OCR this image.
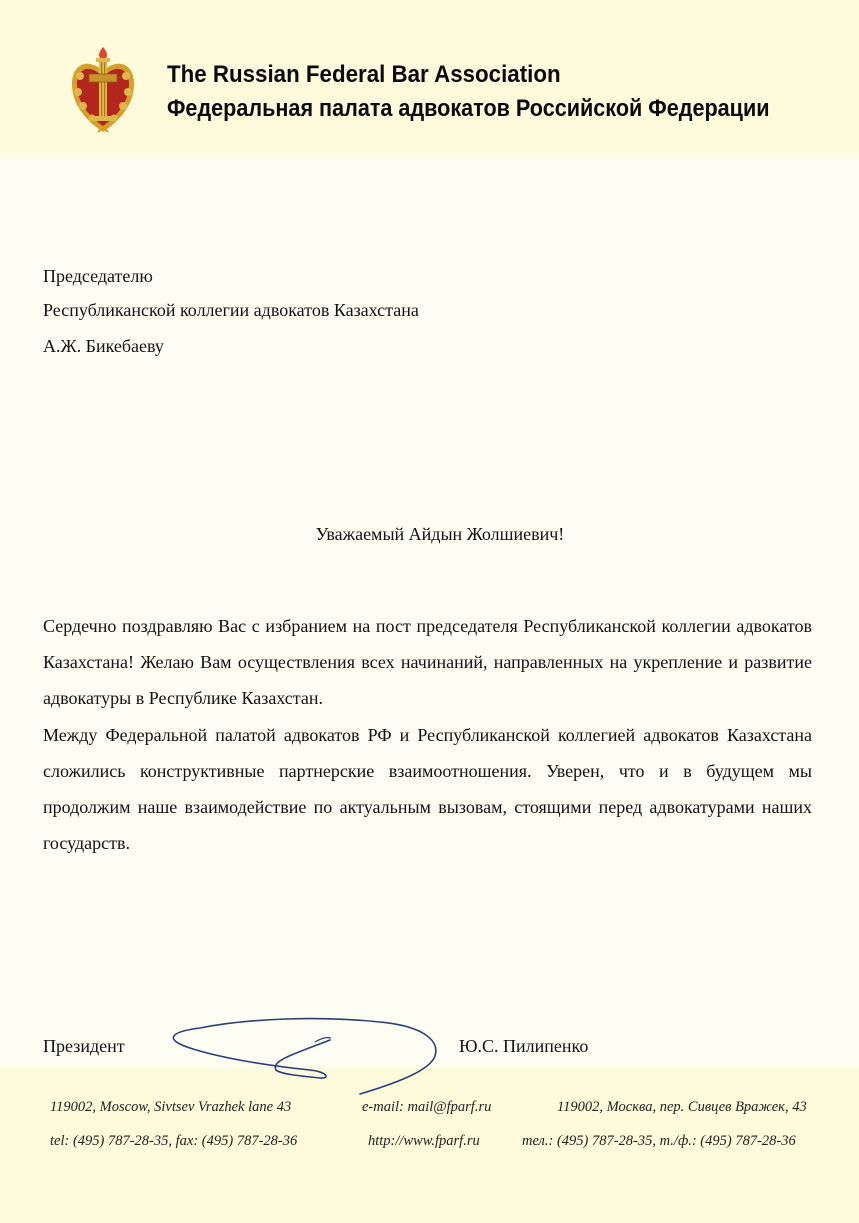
The Russian Federal Bar Association
Федеральная палата адвокатов Российской Федерации
Председателю
Республиканской коллегии адвокатов Казахстана
А.Ж. Бикебаеву
Уважаемый Айдын Жолшиевич!

Сердечно поздравляю Вас с избранием на пост председателя Республиканской коллегии адвокатов Казахстана! Желаю Вам осуществления всех начинаний, направленных на укрепление и развитие адвокатуры в Республике Казахстан.

Между Федеральной палатой адвокатов РФ и Республиканской коллегией адвокатов Казахстана сложились конструктивные партнерские взаимоотношения. Уверен, что и в будущем мы продолжим наше взаимодействие по актуальным вызовам, стоящими перед адвокатурами наших государств.

Президент	Ю.С. Пилипенко
119002, Moscow, Sivtsev Vrazhek lane 43
tel: (495) 787-28-35, fax: (495) 787-28-36
e-mail: mail@fparf.ru
http://www.fparf.ru
119002, Москва, пер. Сивцев Вражек, 43
тел.: (495) 787-28-35, т./ф.: (495) 787-28-36
